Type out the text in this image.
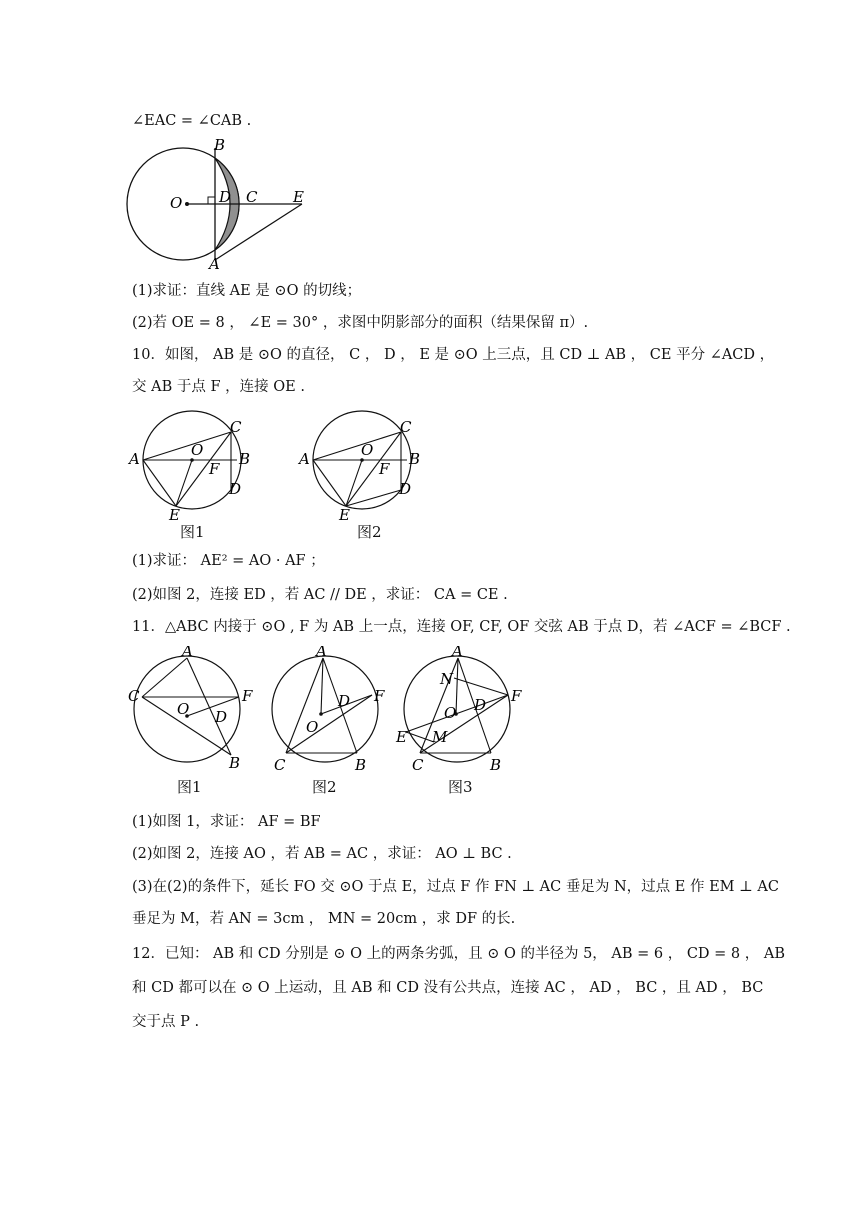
∠EAC = ∠CAB .
(1)求证：直线 AE 是 ⊙O 的切线；
(2)若 OE = 8 ， ∠E = 30° ，求图中阴影部分的面积（结果保留 π）.
10．如图， AB 是 ⊙O 的直径， C ， D ， E 是 ⊙O 上三点，且 CD ⊥ AB ， CE 平分 ∠ACD ，
交 AB 于点 F ，连接 OE .
(1)求证： AE² = AO · AF ；
(2)如图 2，连接 ED ，若 AC // DE ，求证： CA = CE .
11．△ABC 内接于 ⊙O , F 为 AB 上一点，连接 OF, CF, OF 交弦 AB 于点 D，若 ∠ACF = ∠BCF .
(1)如图 1，求证： AF = BF
(2)如图 2，连接 AO ，若 AB = AC ，求证： AO ⊥ BC .
(3)在(2)的条件下，延长 FO 交 ⊙O 于点 E，过点 F 作 FN ⊥ AC 垂足为 N，过点 E 作 EM ⊥ AC
垂足为 M，若 AN = 3cm ， MN = 20cm ，求 DF 的长.
12．已知： AB 和 CD 分别是 ⊙ O 上的两条劣弧，且 ⊙ O 的半径为 5， AB = 6 ， CD = 8 ， AB
和 CD 都可以在 ⊙ O 上运动，且 AB 和 CD 没有公共点，连接 AC ， AD ， BC ，且 AD ， BC
交于点 P .
B
O D C E
A
A	O
C
B
F
D
E
图1
A	O
C
B
F
D
E
图2
A
C	F
O D
B
图1
A
D F
O
C	B
图2
A
N
D F
O
E M
C	B
图3
